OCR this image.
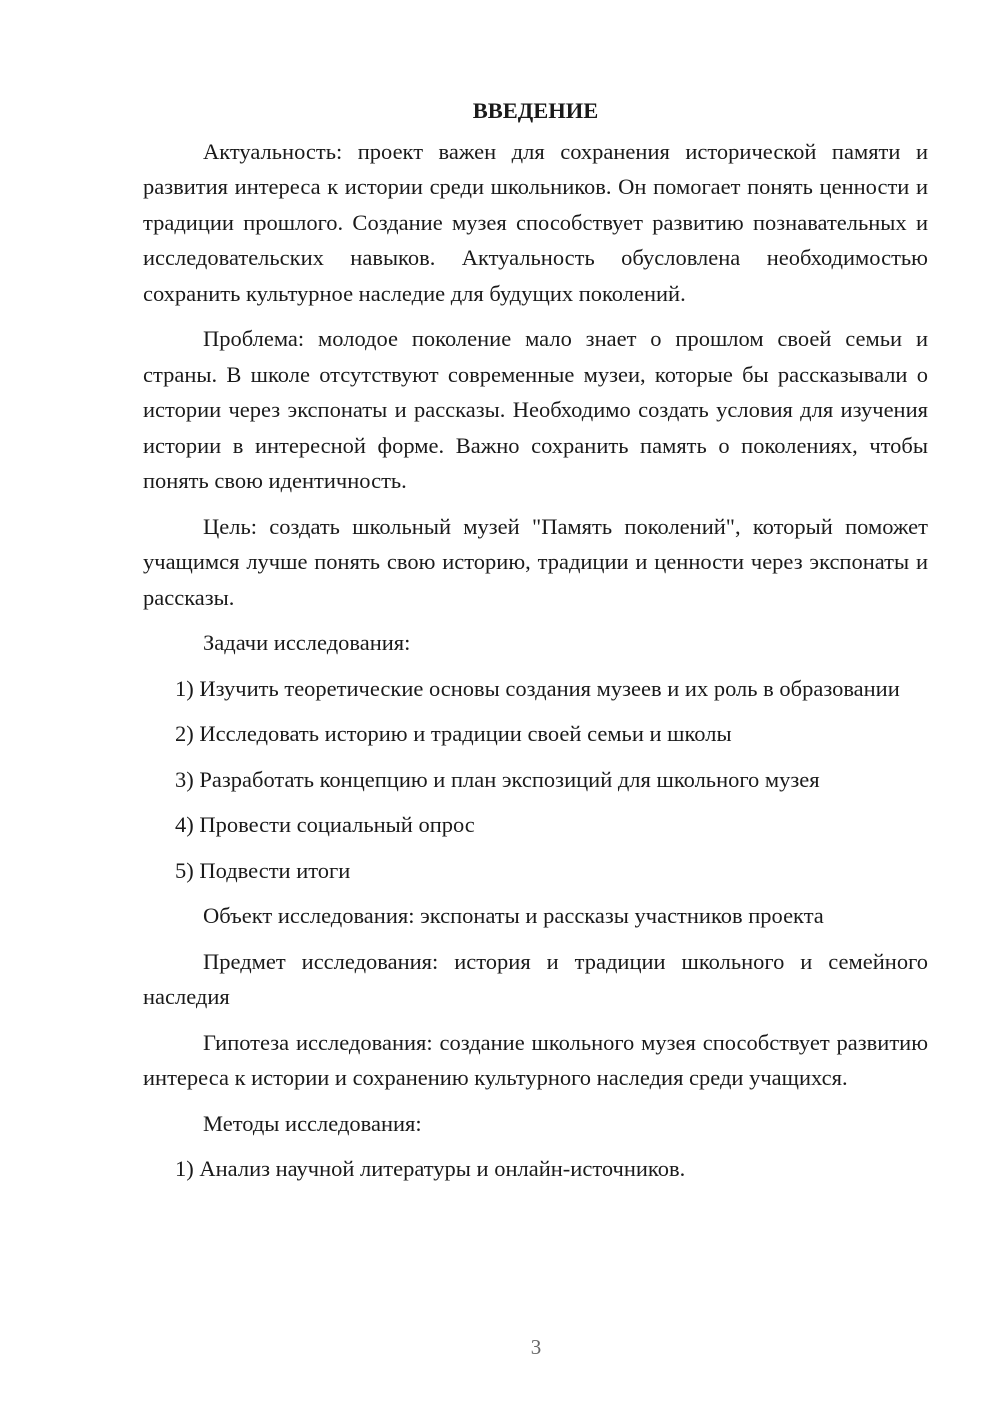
ВВЕДЕНИЕ

Актуальность: проект важен для сохранения исторической памяти и развития интереса к истории среди школьников. Он помогает понять ценности и традиции прошлого. Создание музея способствует развитию познавательных и исследовательских навыков. Актуальность обусловлена необходимостью сохранить культурное наследие для будущих поколений.

Проблема: молодое поколение мало знает о прошлом своей семьи и страны. В школе отсутствуют современные музеи, которые бы рассказывали о истории через экспонаты и рассказы. Необходимо создать условия для изучения истории в интересной форме. Важно сохранить память о поколениях, чтобы понять свою идентичность.

Цель: создать школьный музей "Память поколений", который поможет учащимся лучше понять свою историю, традиции и ценности через экспонаты и рассказы.

Задачи исследования:

1) Изучить теоретические основы создания музеев и их роль в образовании

2) Исследовать историю и традиции своей семьи и школы

3) Разработать концепцию и план экспозиций для школьного музея

4) Провести социальный опрос

5) Подвести итоги

Объект исследования: экспонаты и рассказы участников проекта

Предмет исследования: история и традиции школьного и семейного наследия

Гипотеза исследования: создание школьного музея способствует развитию интереса к истории и сохранению культурного наследия среди учащихся.

Методы исследования:

1) Анализ научной литературы и онлайн-источников.

3
